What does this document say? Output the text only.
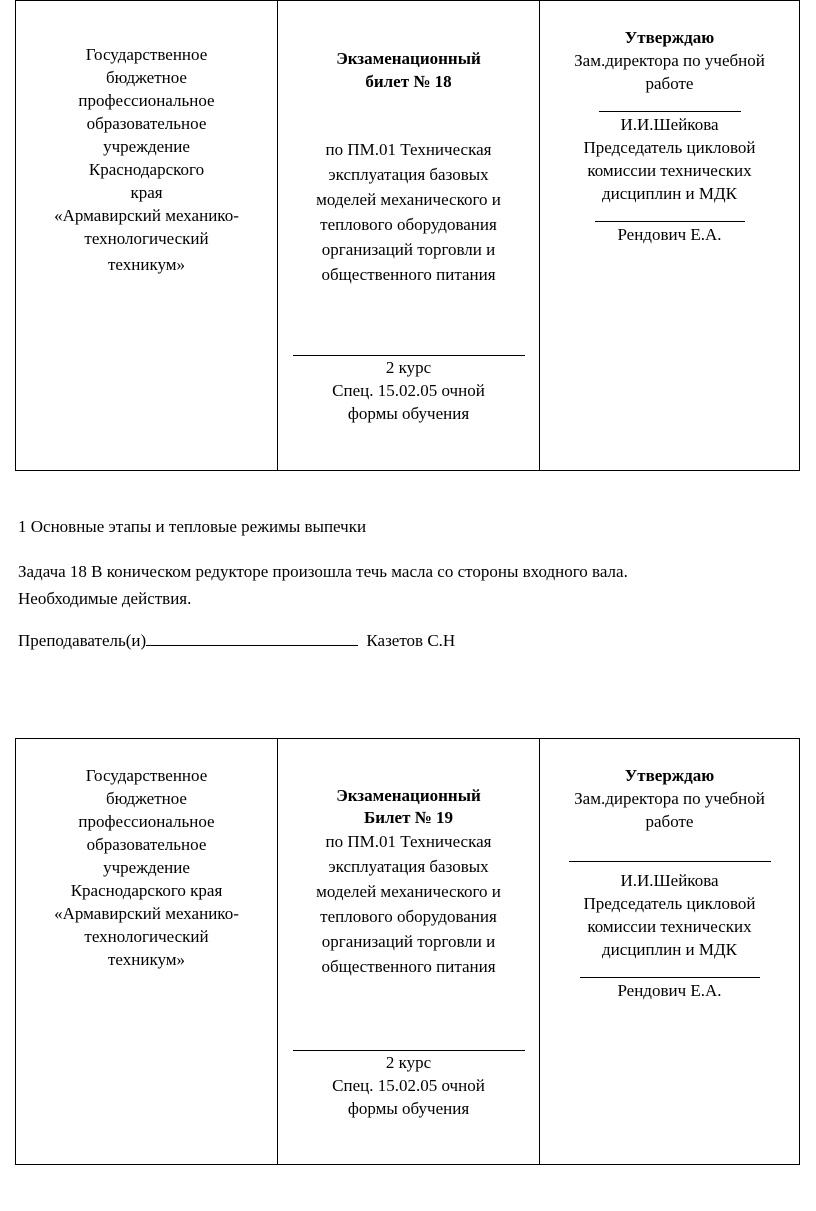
Государственное
бюджетное
профессиональное
образовательное
учреждение
Краснодарского
края
«Армавирский механико-
технологический
техникум»
Экзаменационный
билет № 18
по ПМ.01 Техническая
эксплуатация базовых
моделей механического и
теплового оборудования
организаций торговли и
общественного питания
2 курс
Спец. 15.02.05 очной
формы обучения
Утверждаю
Зам.директора по учебной
работе
И.И.Шейкова
Председатель цикловой
комиссии технических
дисциплин и МДК
Рендович Е.А.
1 Основные этапы и тепловые режимы выпечки
Задача 18 В коническом редукторе произошла течь масла со стороны входного вала.
Необходимые действия.
Преподаватель(и)	Казетов С.Н
Государственное
бюджетное
профессиональное
образовательное
учреждение
Краснодарского края
«Армавирский механико-
технологический
техникум»
Экзаменационный
Билет № 19
по ПМ.01 Техническая
эксплуатация базовых
моделей механического и
теплового оборудования
организаций торговли и
общественного питания
2 курс
Спец. 15.02.05 очной
формы обучения
Утверждаю
Зам.директора по учебной
работе
И.И.Шейкова
Председатель цикловой
комиссии технических
дисциплин и МДК
Рендович Е.А.
